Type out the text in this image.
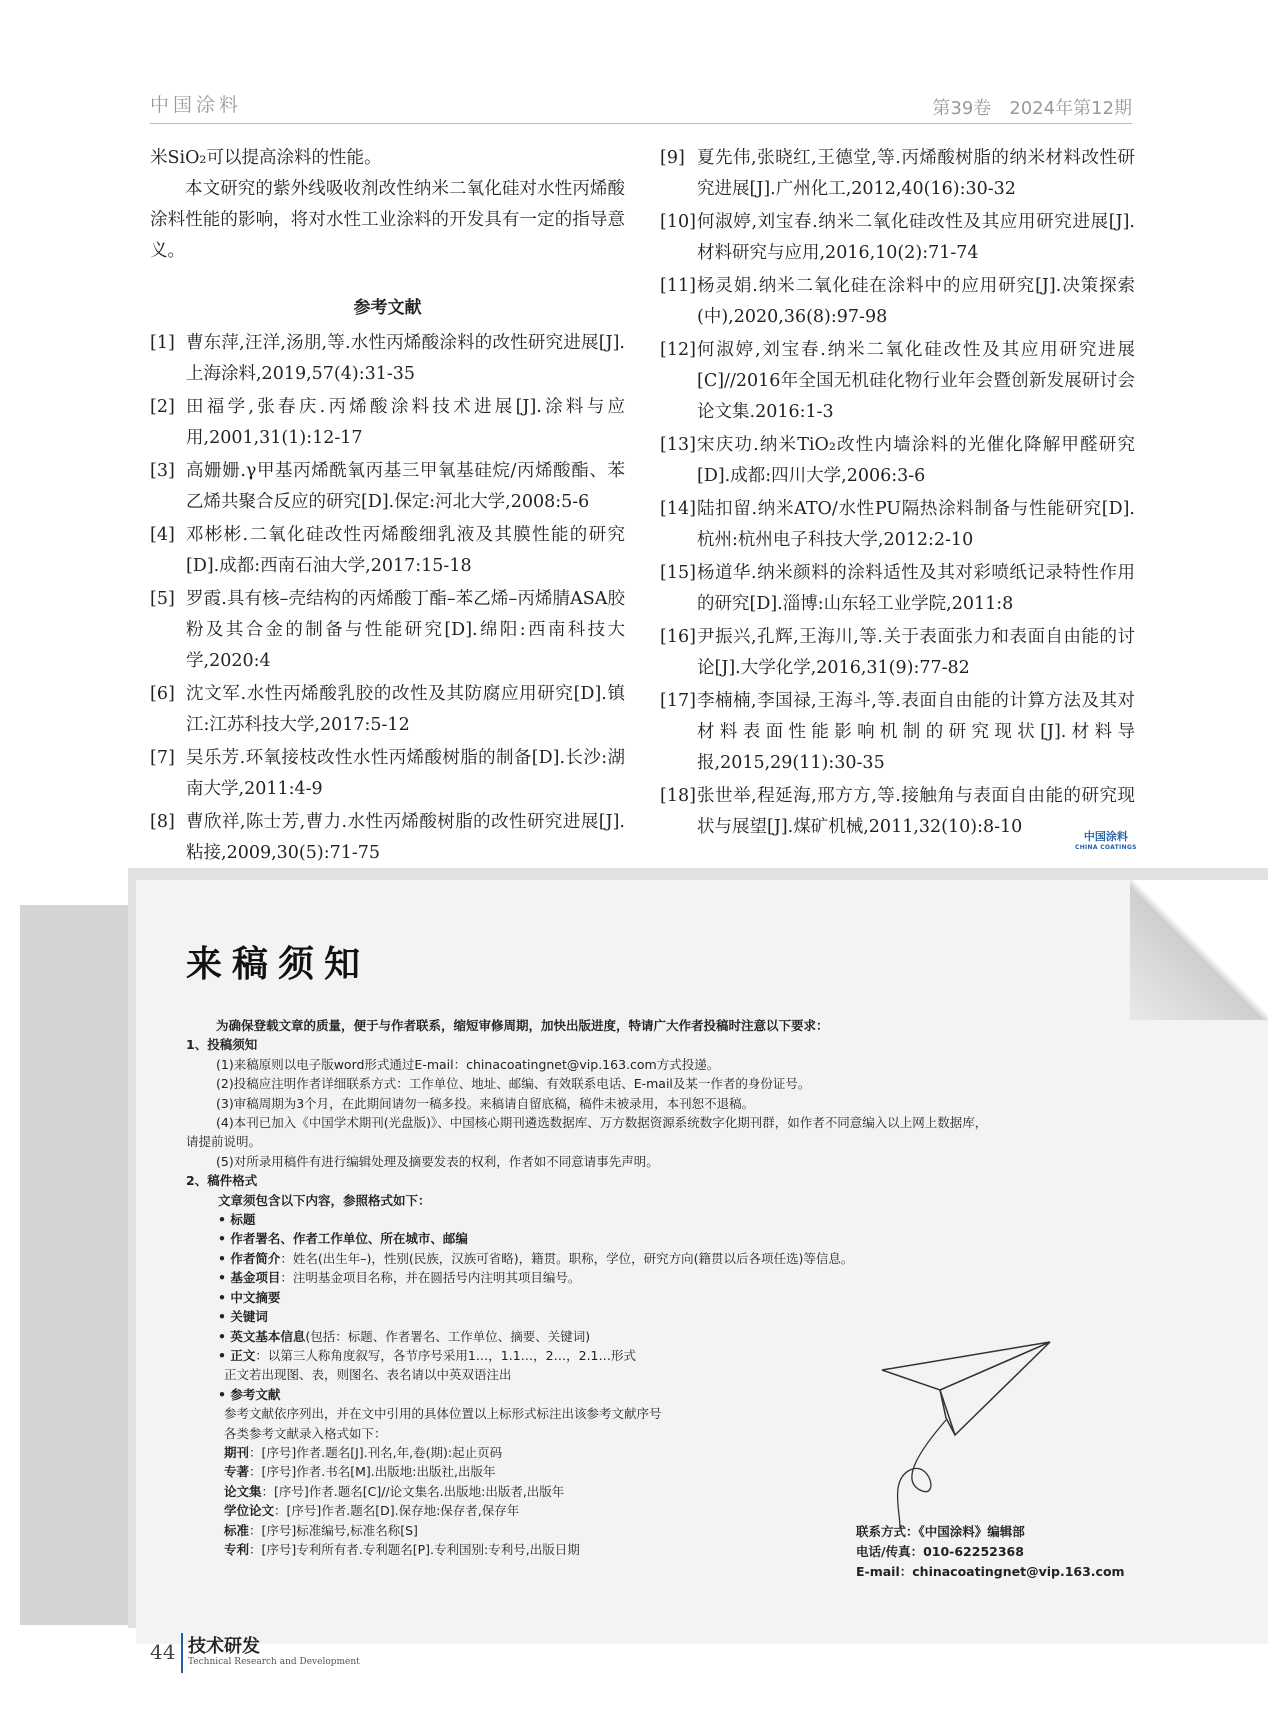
中国涂料	第39卷　2024年第12期

米SiO₂可以提高涂料的性能。

本文研究的紫外线吸收剂改性纳米二氧化硅对水性丙烯酸涂料性能的影响，将对水性工业涂料的开发具有一定的指导意义。

参考文献
[1] 曹东萍,汪洋,汤朋,等.水性丙烯酸涂料的改性研究进展[J].上海涂料,2019,57(4):31-35
[2] 田福学,张春庆.丙烯酸涂料技术进展[J].涂料与应用,2001,31(1):12-17
[3] 高姗姗.γ甲基丙烯酰氧丙基三甲氧基硅烷/丙烯酸酯、苯乙烯共聚合反应的研究[D].保定:河北大学,2008:5-6
[4] 邓彬彬.二氧化硅改性丙烯酸细乳液及其膜性能的研究[D].成都:西南石油大学,2017:15-18
[5] 罗霞.具有核–壳结构的丙烯酸丁酯–苯乙烯–丙烯腈ASA胶粉及其合金的制备与性能研究[D].绵阳:西南科技大学,2020:4
[6] 沈文军.水性丙烯酸乳胶的改性及其防腐应用研究[D].镇江:江苏科技大学,2017:5-12
[7] 吴乐芳.环氧接枝改性水性丙烯酸树脂的制备[D].长沙:湖南大学,2011:4-9
[8] 曹欣祥,陈士芳,曹力.水性丙烯酸树脂的改性研究进展[J].粘接,2009,30(5):71-75
[9] 夏先伟,张晓红,王德堂,等.丙烯酸树脂的纳米材料改性研究进展[J].广州化工,2012,40(16):30-32
[10] 何淑婷,刘宝春.纳米二氧化硅改性及其应用研究进展[J].材料研究与应用,2016,10(2):71-74
[11] 杨灵娟.纳米二氧化硅在涂料中的应用研究[J].决策探索(中),2020,36(8):97-98
[12] 何淑婷,刘宝春.纳米二氧化硅改性及其应用研究进展[C]//2016年全国无机硅化物行业年会暨创新发展研讨会论文集.2016:1-3
[13] 宋庆功.纳米TiO₂改性内墙涂料的光催化降解甲醛研究[D].成都:四川大学,2006:3-6
[14] 陆扣留.纳米ATO/水性PU隔热涂料制备与性能研究[D].杭州:杭州电子科技大学,2012:2-10
[15] 杨道华.纳米颜料的涂料适性及其对彩喷纸记录特性作用的研究[D].淄博:山东轻工业学院,2011:8
[16] 尹振兴,孔辉,王海川,等.关于表面张力和表面自由能的讨论[J].大学化学,2016,31(9):77-82
[17] 李楠楠,李国禄,王海斗,等.表面自由能的计算方法及其对材料表面性能影响机制的研究现状[J].材料导报,2015,29(11):30-35
[18] 张世举,程延海,邢方方,等.接触角与表面自由能的研究现状与展望[J].煤矿机械,2011,32(10):8-10	中国涂料
CHINA COATINGS
来稿须知

为确保登载文章的质量，便于与作者联系，缩短审修周期，加快出版进度，特请广大作者投稿时注意以下要求：

1、投稿须知

(1)来稿原则以电子版word形式通过E-mail：chinacoatingnet@vip.163.com方式投递。

(2)投稿应注明作者详细联系方式：工作单位、地址、邮编、有效联系电话、E-mail及某一作者的身份证号。

(3)审稿周期为3个月，在此期间请勿一稿多投。来稿请自留底稿，稿件未被录用，本刊恕不退稿。

(4)本刊已加入《中国学术期刊(光盘版)》、中国核心期刊遴选数据库、万方数据资源系统数字化期刊群，如作者不同意编入以上网上数据库，

请提前说明。

(5)对所录用稿件有进行编辑处理及摘要发表的权利，作者如不同意请事先声明。

2、稿件格式

文章须包含以下内容，参照格式如下：

• 标题

• 作者署名、作者工作单位、所在城市、邮编

• 作者简介：姓名(出生年–)，性别(民族，汉族可省略)，籍贯。职称，学位，研究方向(籍贯以后各项任选)等信息。

• 基金项目：注明基金项目名称，并在圆括号内注明其项目编号。

• 中文摘要

• 关键词

• 英文基本信息(包括：标题、作者署名、工作单位、摘要、关键词)

• 正文：以第三人称角度叙写，各节序号采用1…，1.1…，2…，2.1…形式

正文若出现图、表，则图名、表名请以中英双语注出

• 参考文献

参考文献依序列出，并在文中引用的具体位置以上标形式标注出该参考文献序号

各类参考文献录入格式如下：

期刊：[序号]作者.题名[J].刊名,年,卷(期):起止页码

专著：[序号]作者.书名[M].出版地:出版社,出版年

论文集：[序号]作者.题名[C]//论文集名.出版地:出版者,出版年

学位论文：[序号]作者.题名[D].保存地:保存者,保存年

标准：[序号]标准编号,标准名称[S]

专利：[序号]专利所有者.专利题名[P].专利国别:专利号,出版日期

联系方式：《中国涂料》编辑部
电话/传真：010-62252368
E-mail：chinacoatingnet@vip.163.com
44 技术研发
Technical Research and Development
